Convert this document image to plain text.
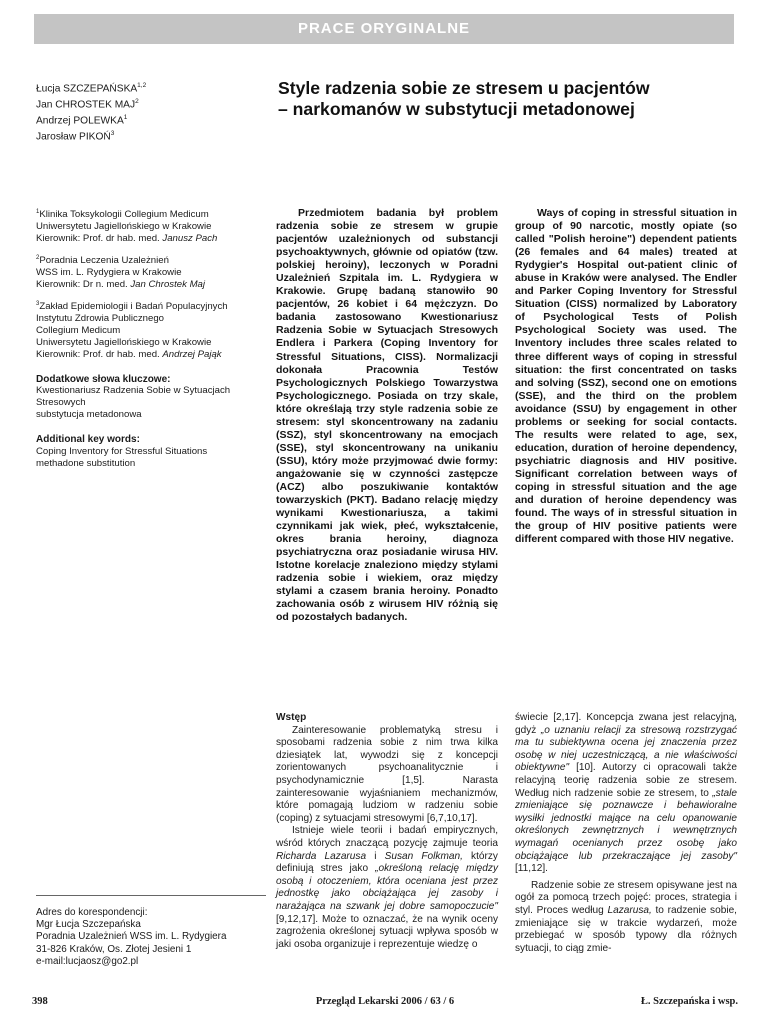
PRACE ORYGINALNE
Łucja SZCZEPAŃSKA$^{1,2}$
Jan CHROSTEK MAJ$^2$
Andrzej POLEWKA$^1$
Jarosław PIKOŃ$^3$
Style radzenia sobie ze stresem u pacjentów
– narkomanów w substytucji metadonowej
$^1$Klinika Toksykologii Collegium Medicum
Uniwersytetu Jagiellońskiego w Krakowie
Kierownik: Prof. dr hab. med. Janusz Pach
$^2$Poradnia Leczenia Uzależnień
WSS im. L. Rydygiera w Krakowie
Kierownik: Dr n. med. Jan Chrostek Maj
$^3$Zakład Epidemiologii i Badań Populacyjnych
Instytutu Zdrowia Publicznego
Collegium Medicum
Uniwersytetu Jagiellońskiego w Krakowie
Kierownik: Prof. dr hab. med. Andrzej Pająk
Dodatkowe słowa kluczowe:
Kwestionariusz Radzenia Sobie w Sytuacjach
Stresowych
substytucja metadonowa
Additional key words:
Coping Inventory for Stressful Situations
methadone substitution
Przedmiotem badania był problem radzenia sobie ze stresem w grupie pacjentów uzależnionych od substancji psychoaktywnych, głównie od opiatów (tzw. polskiej heroiny), leczonych w Poradni Uzależnień Szpitala im. L. Rydygiera w Krakowie. Grupę badaną stanowiło 90 pacjentów, 26 kobiet i 64 mężczyzn. Do badania zastosowano Kwestionariusz Radzenia Sobie w Sytuacjach Stresowych Endlera i Parkera (Coping Inventory for Stressful Situations, CISS). Normalizacji dokonała Pracownia Testów Psychologicznych Polskiego Towarzystwa Psychologicznego. Posiada on trzy skale, które określają trzy style radzenia sobie ze stresem: styl skoncentrowany na zadaniu (SSZ), styl skoncentrowany na emocjach (SSE), styl skoncentrowany na unikaniu (SSU), który może przyjmować dwie formy: angażowanie się w czynności zastępcze (ACZ) albo poszukiwanie kontaktów towarzyskich (PKT). Badano relację między wynikami Kwestionariusza, a takimi czynnikami jak wiek, płeć, wykształcenie, okres brania heroiny, diagnoza psychiatryczna oraz posiadanie wirusa HIV. Istotne korelacje znaleziono między stylami radzenia sobie i wiekiem, oraz między stylami a czasem brania heroiny. Ponadto zachowania osób z wirusem HIV różnią się od pozostałych badanych.
Ways of coping in stressful situation in group of 90 narcotic, mostly opiate (so called "Polish heroine") dependent patients (26 females and 64 males) treated at Rydygier's Hospital out-patient clinic of abuse in Kraków were analysed. The Endler and Parker Coping Inventory for Stressful Situation (CISS) normalized by Laboratory of Psychological Tests of Polish Psychological Society was used. The Inventory includes three scales related to three different ways of coping in stressful situation: the first concentrated on tasks and solving (SSZ), second one on emotions (SSE), and the third on the problem avoidance (SSU) by engagement in other problems or seeking for social contacts. The results were related to age, sex, education, duration of heroine dependency, psychiatric diagnosis and HIV positive. Significant correlation between ways of coping in stressful situation and the age and duration of heroine dependency was found. The ways of in stressful situation in the group of HIV positive patients were different compared with those HIV negative.

Wstęp

Zainteresowanie problematyką stresu i sposobami radzenia sobie z nim trwa kilka dziesiątek lat, wywodzi się z koncepcji zorientowanych psychoanalitycznie i psychodynamicznie [1,5]. Narasta zainteresowanie wyjaśnianiem mechanizmów, które pomagają ludziom w radzeniu sobie (coping) z sytuacjami stresowymi [6,7,10,17].

Istnieje wiele teorii i badań empirycznych, wśród których znaczącą pozycję zajmuje teoria Richarda Lazarusa i Susan Folkman, którzy definiują stres jako „określoną relację między osobą i otoczeniem, która oceniana jest przez jednostkę jako obciążająca jej zasoby i narażająca na szwank jej dobre samopoczucie" [9,12,17]. Może to oznaczać, że na wynik oceny zagrożenia określonej sytuacji wpływa sposób w jaki osoba organizuje i reprezentuje wiedzę o

świecie [2,17]. Koncepcja zwana jest relacyjną, gdyż „o uznaniu relacji za stresową rozstrzygać ma tu subiektywna ocena jej znaczenia przez osobę w niej uczestniczącą, a nie właściwości obiektywne" [10]. Autorzy ci opracowali także relacyjną teorię radzenia sobie ze stresem. Według nich radzenie sobie ze stresem, to „stale zmieniające się poznawcze i behawioralne wysiłki jednostki mające na celu opanowanie określonych zewnętrznych i wewnętrznych wymagań ocenianych przez osobę jako obciążające lub przekraczające jej zasoby" [11,12].

Radzenie sobie ze stresem opisywane jest na ogół za pomocą trzech pojęć: proces, strategia i styl. Proces według Lazarusa, to radzenie sobie, zmieniające się w trakcie wydarzeń, może przebiegać w sposób typowy dla różnych sytuacji, to ciąg zmie-

Adres do korespondencji:
Mgr Łucja Szczepańska
Poradnia Uzależnień WSS im. L. Rydygiera
31-826 Kraków, Os. Złotej Jesieni 1
e-mail:lucjaosz@go2.pl
Przegląd Lekarski 2006 / 63 / 6
398	Ł. Szczepańska i wsp.
